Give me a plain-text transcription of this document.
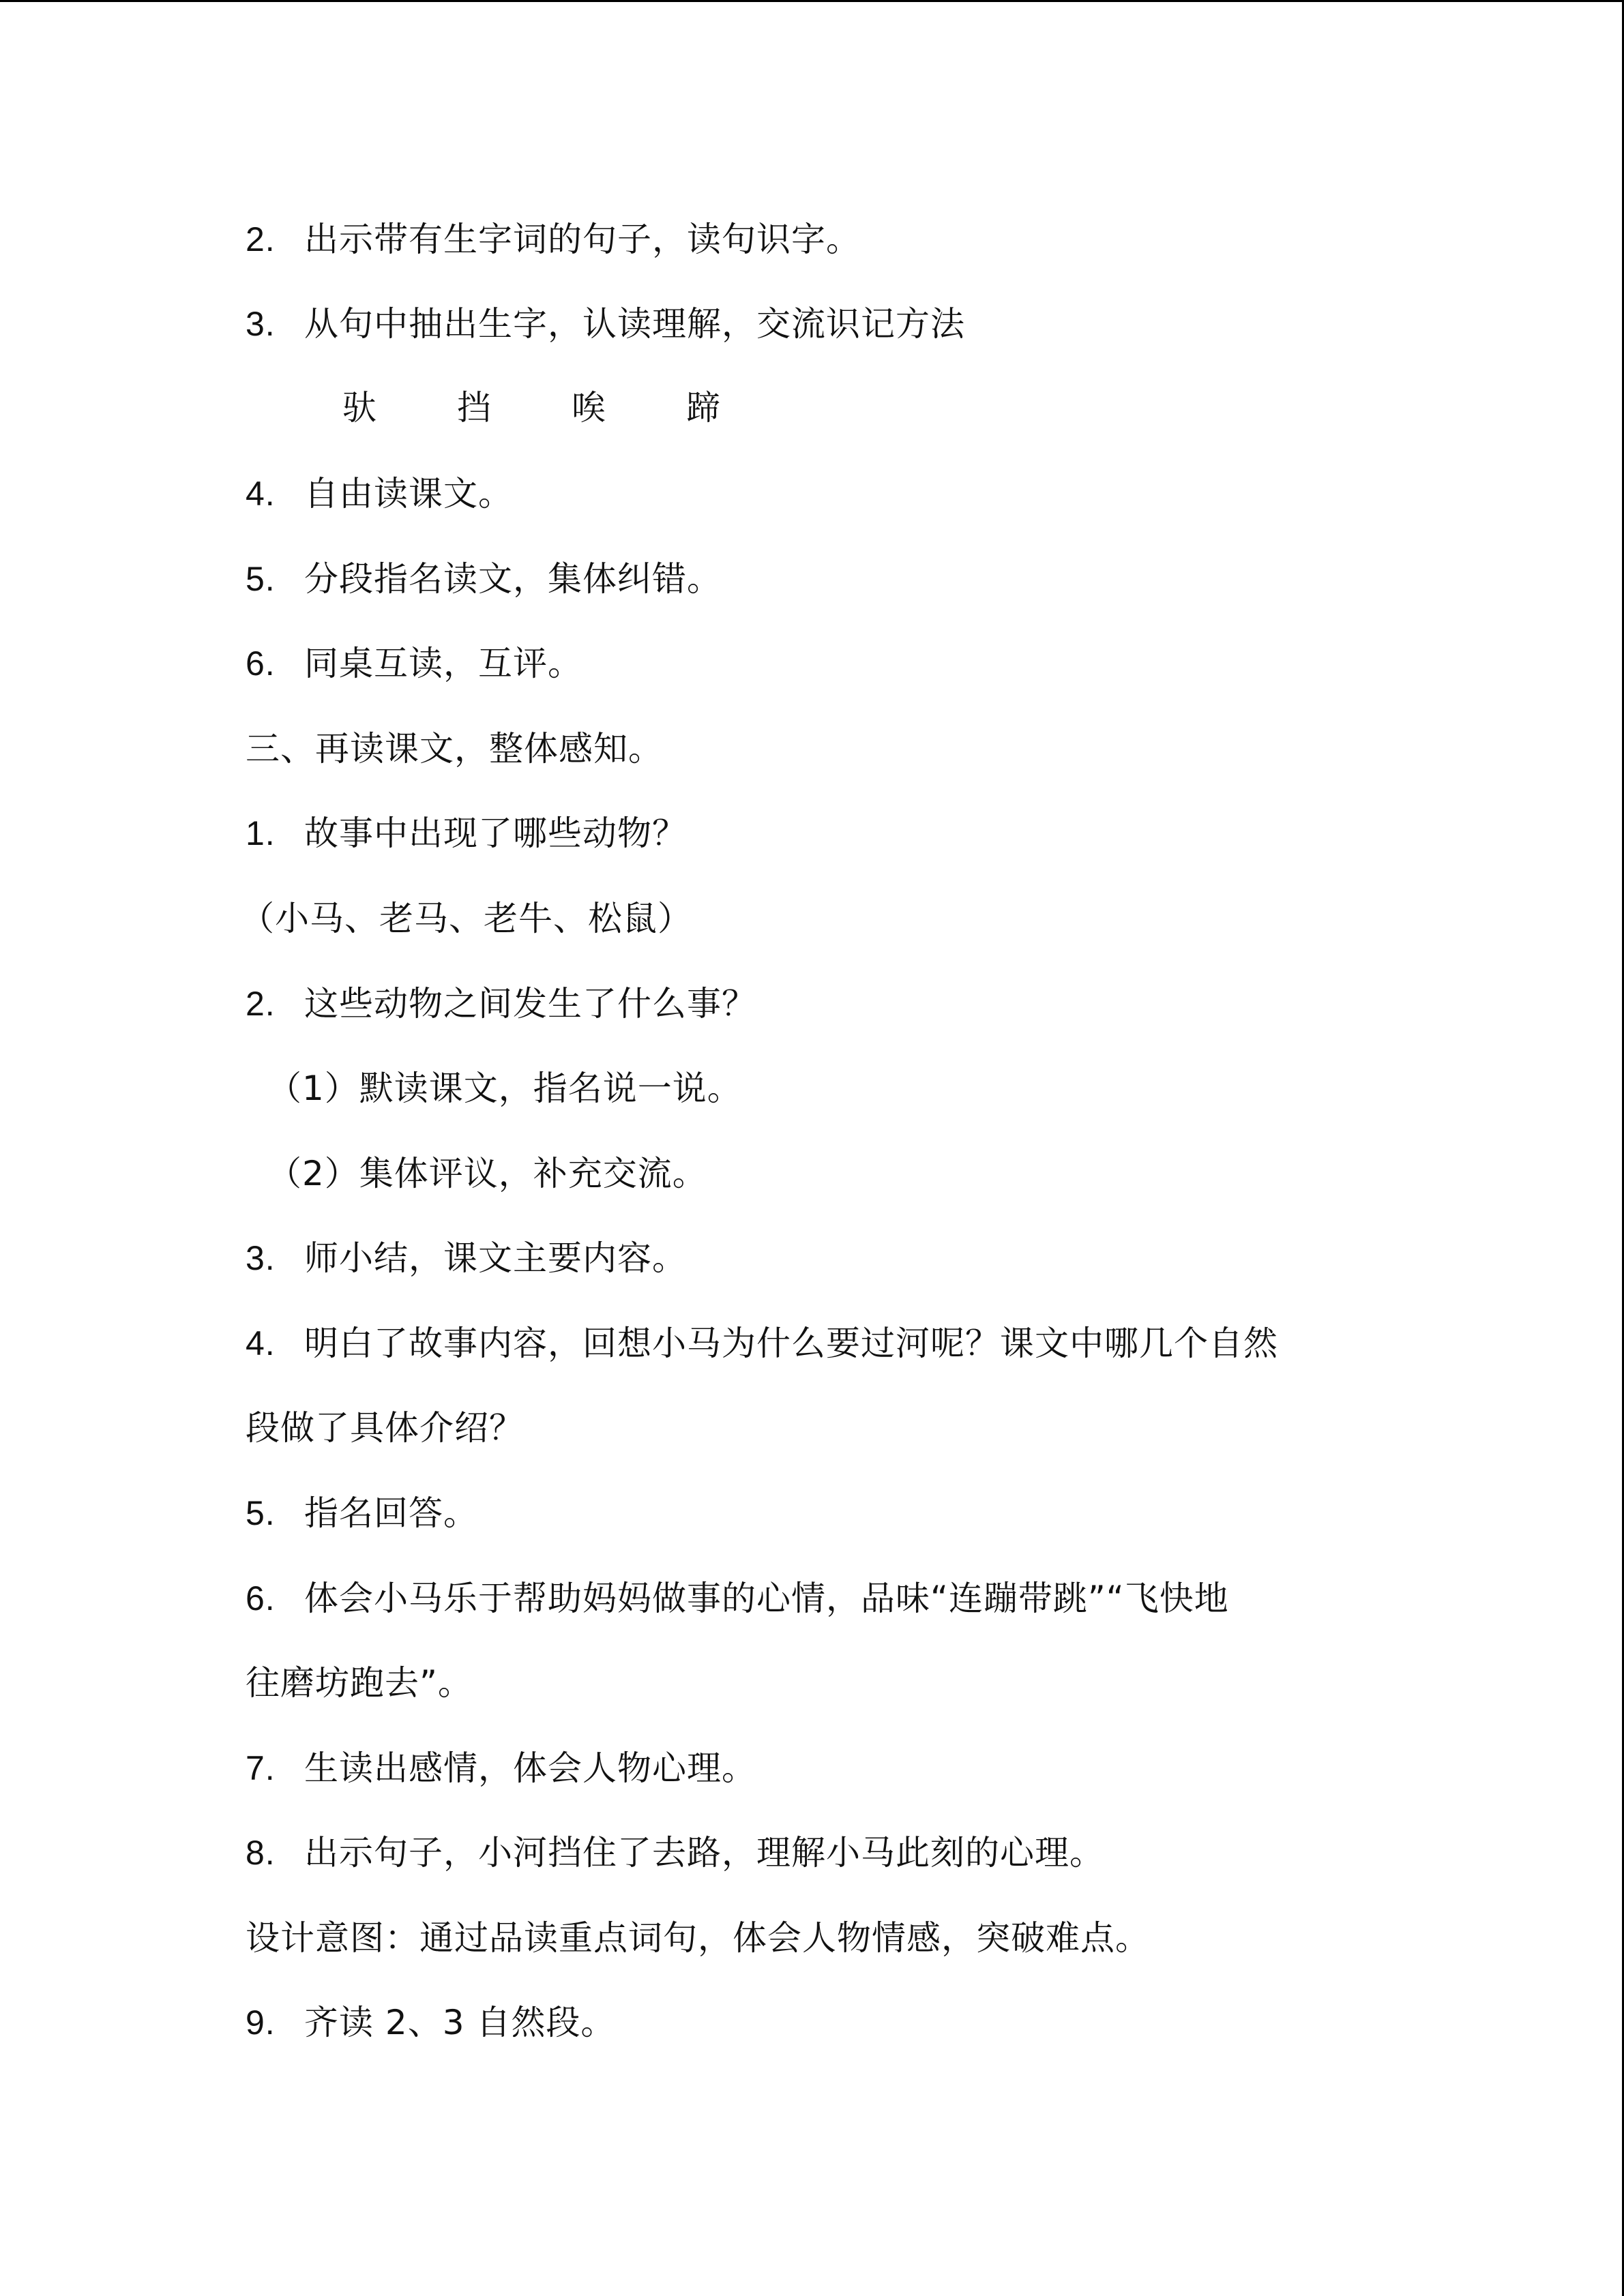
2. 出示带有生字词的句子，读句识字。
3. 从句中抽出生字，认读理解，交流识记方法
驮 挡 唉 蹄
4. 自由读课文。
5. 分段指名读文，集体纠错。
6. 同桌互读，互评。
三、再读课文，整体感知。
1. 故事中出现了哪些动物？
（小马、老马、老牛、松鼠）
2. 这些动物之间发生了什么事？
（1）默读课文，指名说一说。
（2）集体评议，补充交流。
3. 师小结，课文主要内容。
4. 明白了故事内容，回想小马为什么要过河呢？课文中哪几个自然
段做了具体介绍？
5. 指名回答。
6. 体会小马乐于帮助妈妈做事的心情，品味“连蹦带跳”“飞快地
往磨坊跑去”。
7. 生读出感情，体会人物心理。
8. 出示句子，小河挡住了去路，理解小马此刻的心理。
设计意图：通过品读重点词句，体会人物情感，突破难点。
9. 齐读 2、3 自然段。
